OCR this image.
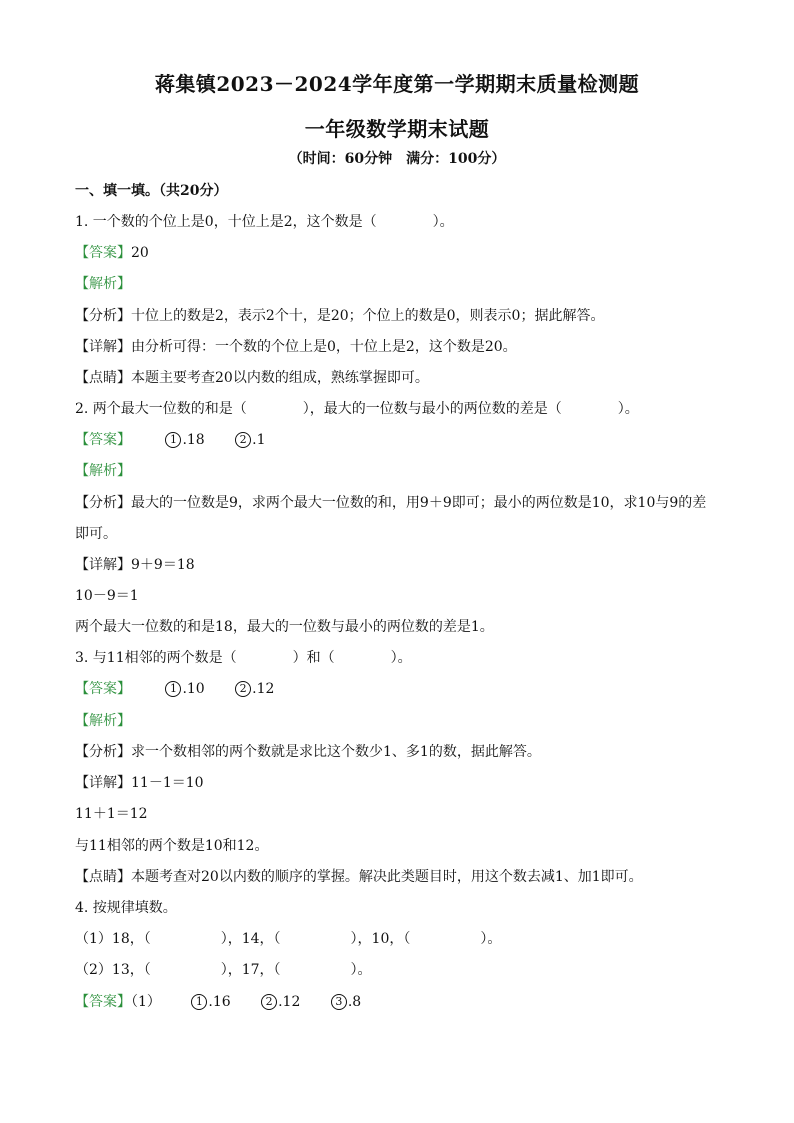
蒋集镇2023－2024学年度第一学期期末质量检测题
一年级数学期末试题
（时间：60分钟　满分：100分）
一、填一填。（共20分）
1. 一个数的个位上是0，十位上是2，这个数是（　　　　）。
【答案】20
【解析】
【分析】十位上的数是2，表示2个十，是20；个位上的数是0，则表示0；据此解答。
【详解】由分析可得：一个数的个位上是0，十位上是2，这个数是20。
【点睛】本题主要考查20以内数的组成，熟练掌握即可。
2. 两个最大一位数的和是（　　　　），最大的一位数与最小的两位数的差是（　　　　）。
【答案】	1 .18	2 .1
【解析】
【分析】最大的一位数是9，求两个最大一位数的和，用9＋9即可；最小的两位数是10，求10与9的差
即可。
【详解】9＋9＝18
10－9＝1
两个最大一位数的和是18，最大的一位数与最小的两位数的差是1。
3. 与11相邻的两个数是（　　　　）和（　　　　）。
【答案】	1 .10	2 .12
【解析】
【分析】求一个数相邻的两个数就是求比这个数少1、多1的数，据此解答。
【详解】11－1＝10
11＋1＝12
与11相邻的两个数是10和12。
【点睛】本题考查对20以内数的顺序的掌握。解决此类题目时，用这个数去减1、加1即可。
4. 按规律填数。
（1）18，（　　　　　），14，（　　　　　），10，（　　　　　）。
（2）13，（　　　　　），17，（　　　　　）。
【答案】（1）	1 .16	2 .12	3 .8
